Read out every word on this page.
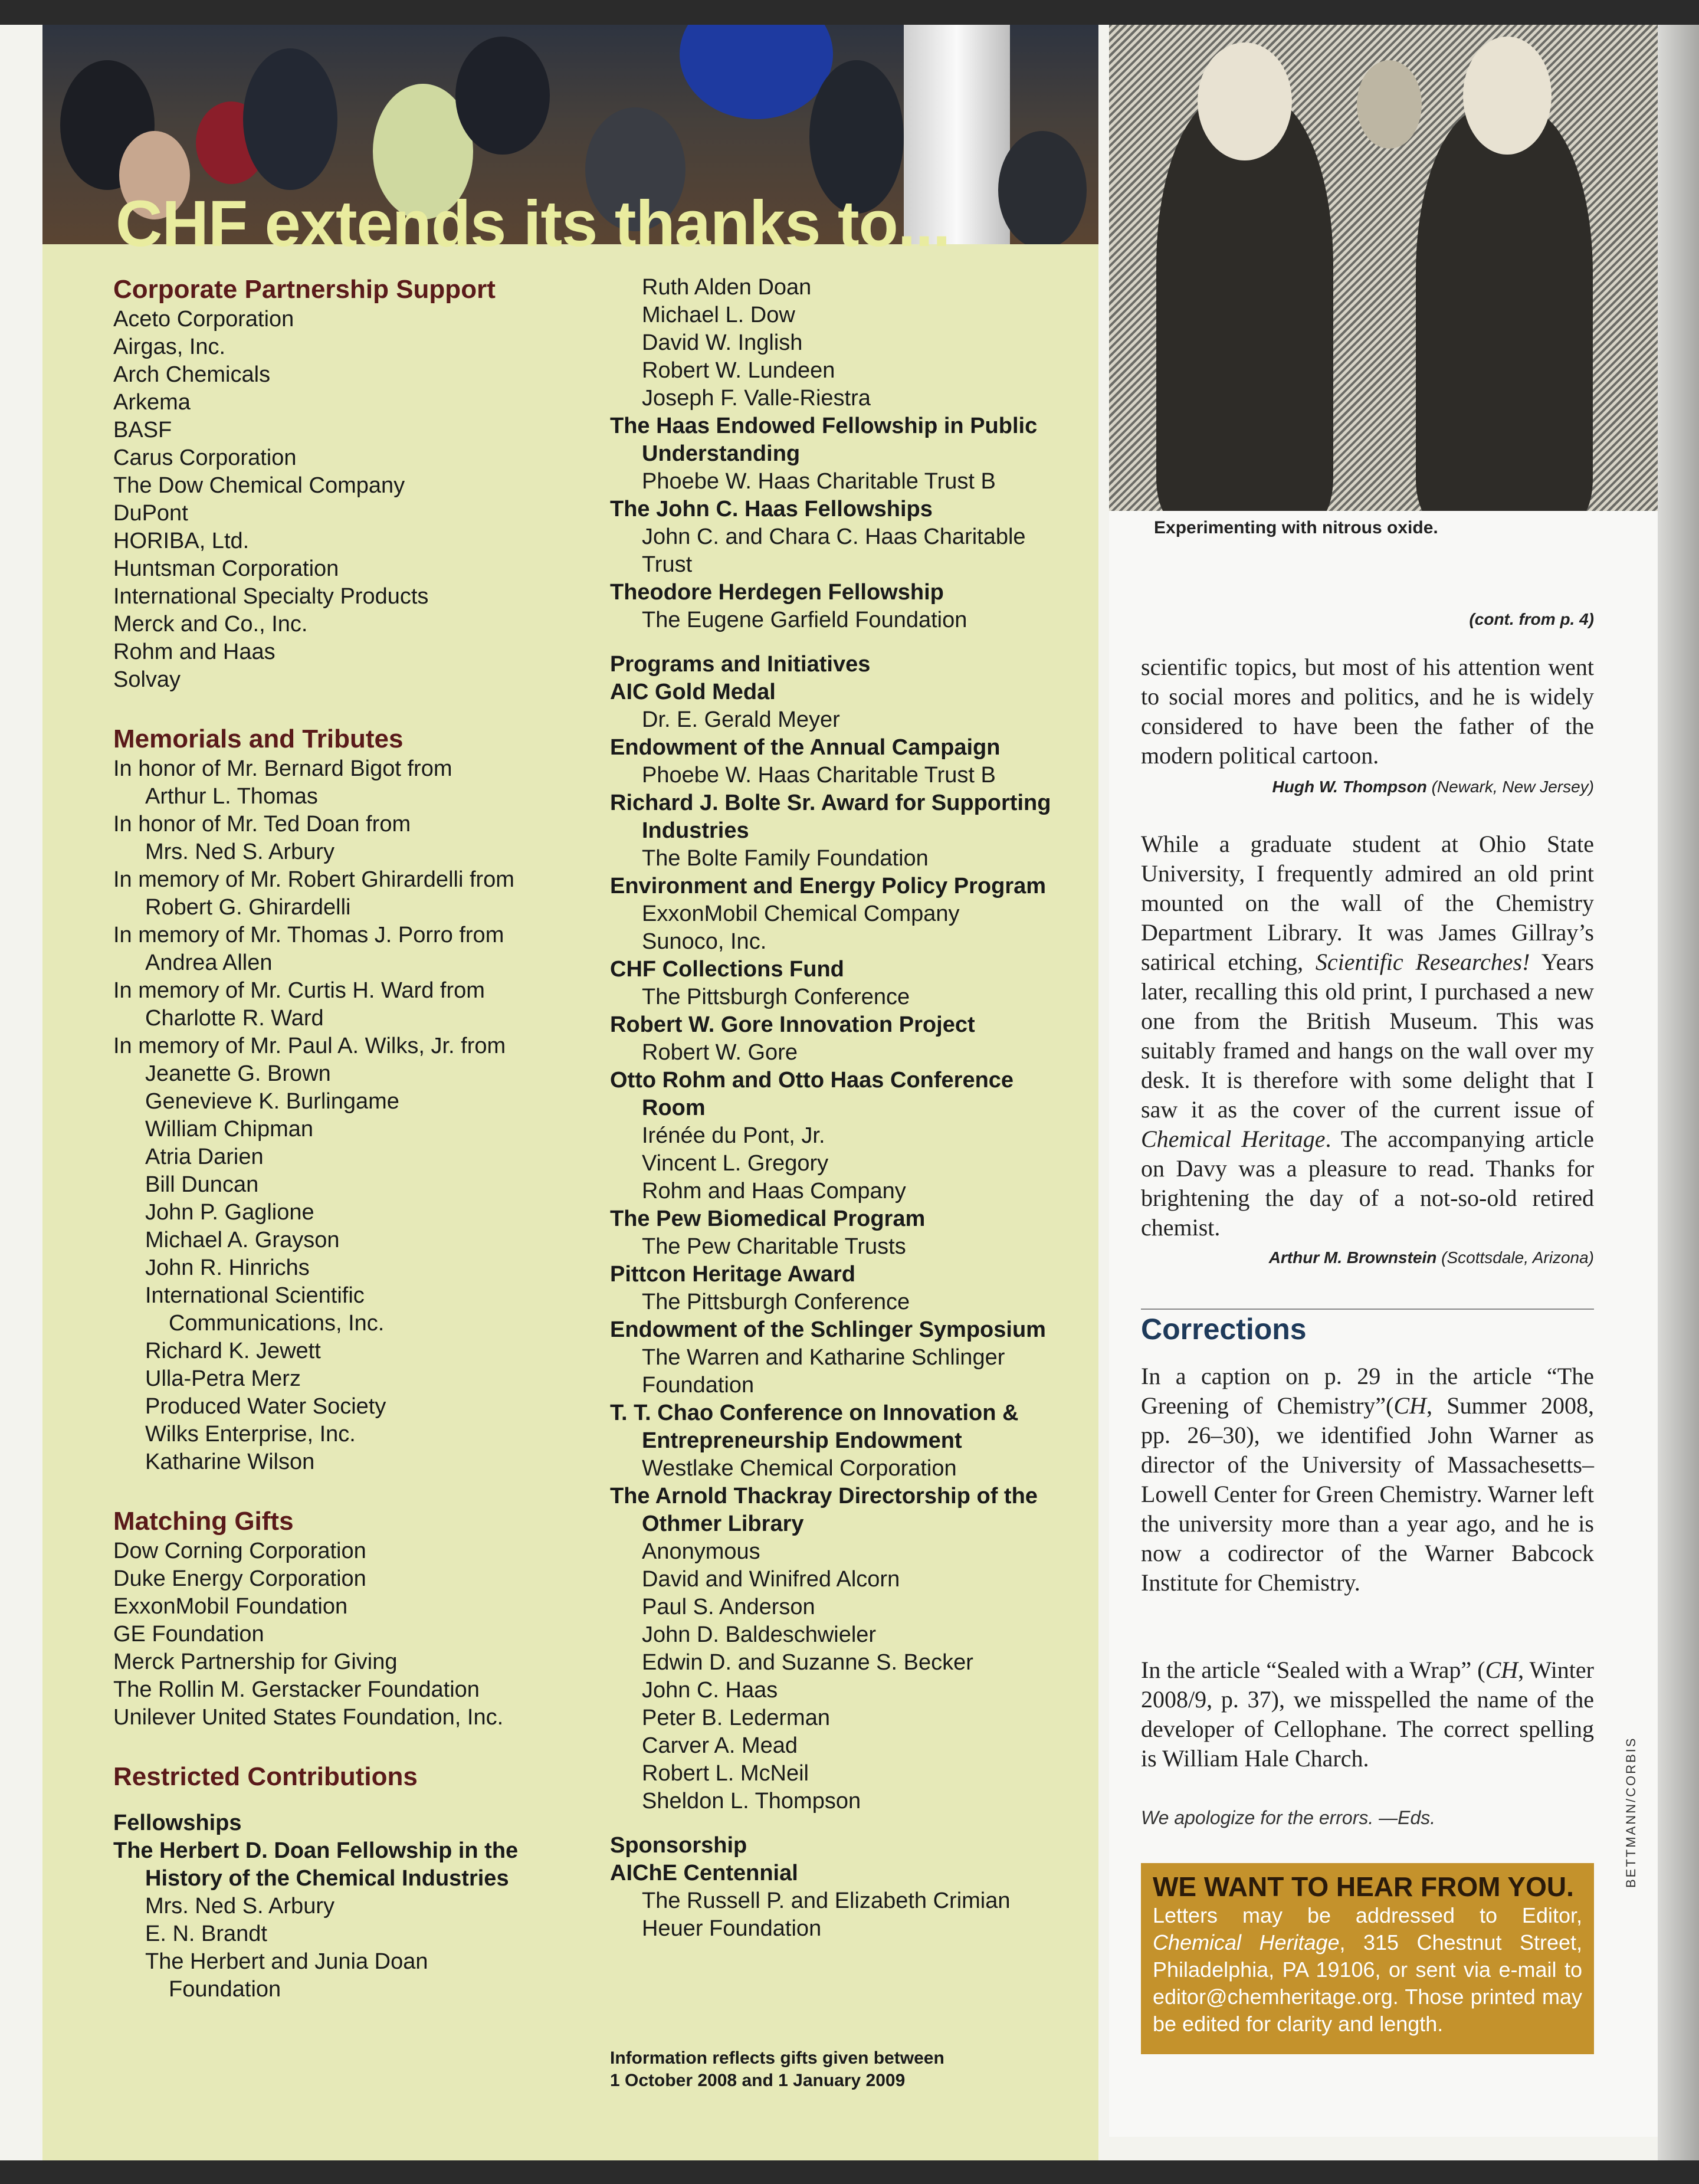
CHF extends its thanks to...
Corporate Partnership Support
Aceto Corporation
Airgas, Inc.
Arch Chemicals
Arkema
BASF
Carus Corporation
The Dow Chemical Company
DuPont
HORIBA, Ltd.
Huntsman Corporation
International Specialty Products
Merck and Co., Inc.
Rohm and Haas
Solvay
Memorials and Tributes
In honor of Mr. Bernard Bigot from
Arthur L. Thomas
In honor of Mr. Ted Doan from
Mrs. Ned S. Arbury
In memory of Mr. Robert Ghirardelli from
Robert G. Ghirardelli
In memory of Mr. Thomas J. Porro from
Andrea Allen
In memory of Mr. Curtis H. Ward from
Charlotte R. Ward
In memory of Mr. Paul A. Wilks, Jr. from
Jeanette G. Brown
Genevieve K. Burlingame
William Chipman
Atria Darien
Bill Duncan
John P. Gaglione
Michael A. Grayson
John R. Hinrichs
International Scientific
Communications, Inc.
Richard K. Jewett
Ulla-Petra Merz
Produced Water Society
Wilks Enterprise, Inc.
Katharine Wilson
Matching Gifts
Dow Corning Corporation
Duke Energy Corporation
ExxonMobil Foundation
GE Foundation
Merck Partnership for Giving
The Rollin M. Gerstacker Foundation
Unilever United States Foundation, Inc.
Restricted Contributions
Fellowships
The Herbert D. Doan Fellowship in the
History of the Chemical Industries
Mrs. Ned S. Arbury
E. N. Brandt
The Herbert and Junia Doan
Foundation
Ruth Alden Doan
Michael L. Dow
David W. Inglish
Robert W. Lundeen
Joseph F. Valle-Riestra
The Haas Endowed Fellowship in Public
Understanding
Phoebe W. Haas Charitable Trust B
The John C. Haas Fellowships
John C. and Chara C. Haas Charitable
Trust
Theodore Herdegen Fellowship
The Eugene Garfield Foundation
Programs and Initiatives
AIC Gold Medal
Dr. E. Gerald Meyer
Endowment of the Annual Campaign
Phoebe W. Haas Charitable Trust B
Richard J. Bolte Sr. Award for Supporting
Industries
The Bolte Family Foundation
Environment and Energy Policy Program
ExxonMobil Chemical Company
Sunoco, Inc.
CHF Collections Fund
The Pittsburgh Conference
Robert W. Gore Innovation Project
Robert W. Gore
Otto Rohm and Otto Haas Conference
Room
Irénée du Pont, Jr.
Vincent L. Gregory
Rohm and Haas Company
The Pew Biomedical Program
The Pew Charitable Trusts
Pittcon Heritage Award
The Pittsburgh Conference
Endowment of the Schlinger Symposium
The Warren and Katharine Schlinger
Foundation
T. T. Chao Conference on Innovation &
Entrepreneurship Endowment
Westlake Chemical Corporation
The Arnold Thackray Directorship of the
Othmer Library
Anonymous
David and Winifred Alcorn
Paul S. Anderson
John D. Baldeschwieler
Edwin D. and Suzanne S. Becker
John C. Haas
Peter B. Lederman
Carver A. Mead
Robert L. McNeil
Sheldon L. Thompson
Sponsorship
AIChE Centennial
The Russell P. and Elizabeth Crimian
Heuer Foundation
Information reflects gifts given between
1 October 2008 and 1 January 2009
Experimenting with nitrous oxide.
(cont. from p. 4)
scientific topics, but most of his attention went to social mores and politics, and he is widely considered to have been the father of the modern political cartoon.
Hugh W. Thompson (Newark, New Jersey)
While a graduate student at Ohio State University, I frequently admired an old print mounted on the wall of the Chemistry Department Library. It was James Gillray’s satirical etching, Scientific Researches! Years later, recalling this old print, I purchased a new one from the British Museum. This was suitably framed and hangs on the wall over my desk. It is therefore with some delight that I saw it as the cover of the current issue of Chemical Heritage. The accompanying article on Davy was a pleasure to read. Thanks for brightening the day of a not-so-old retired chemist.
Arthur M. Brownstein (Scottsdale, Arizona)
Corrections
In a caption on p. 29 in the article “The Greening of Chemistry”(CH, Summer 2008, pp. 26–30), we identified John Warner as director of the University of Massachesetts–Lowell Center for Green Chemistry. Warner left the university more than a year ago, and he is now a codirector of the Warner Babcock Institute for Chemistry.
In the article “Sealed with a Wrap” (CH, Winter 2008/9, p. 37), we misspelled the name of the developer of Cellophane. The correct spelling is William Hale Charch.
We apologize for the errors. —Eds.	BETTMANN/CORBIS
WE WANT TO HEAR FROM YOU.
Letters may be addressed to Editor, Chemical Heritage, 315 Chestnut Street, Philadelphia, PA 19106, or sent via e-mail to editor@chemheritage.org. Those printed may be edited for clarity and length.
